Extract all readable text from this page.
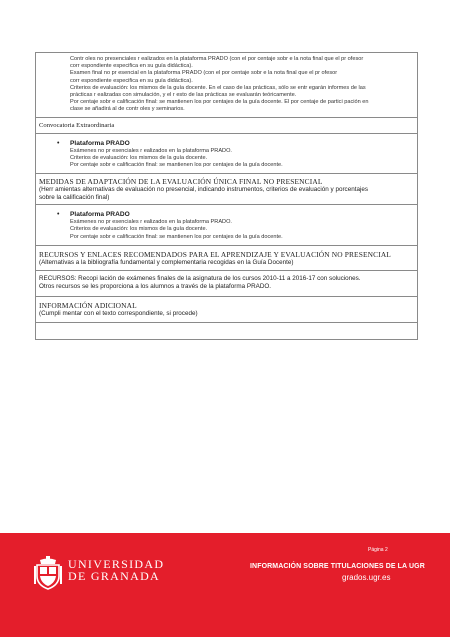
Contr oles no presenciales r ealizados en la plataforma PRADO (con el por centaje sobr e la nota final que el pr ofesor
corr espondiente especifica en su guía didáctica).
Examen final no pr esencial en la plataforma PRADO (con el por centaje sobr e la nota final que el pr ofesor
corr espondiente especifica en su guía didáctica).
Criterios de evaluación: los mismos de la guía docente. En el caso de las prácticas, sólo se entr egarán informes de las
prácticas r ealizadas con simulación, y el r esto de las prácticas se evaluarán teóricamente.
Por centaje sobr e calificación final: se mantienen los por centajes de la guía docente. El por centaje de partici pación en
clase se añadirá al de contr oles y seminarios.
Convocatoria Extraordinaria
•	Plataforma PRADO
Exámenes no pr esenciales r ealizados en la plataforma PRADO.
Criterios de evaluación: los mismos de la guía docente.
Por centaje sobr e calificación final: se mantienen los por centajes de la guía docente.
MEDIDAS DE ADAPTACIÓN DE LA EVALUACIÓN ÚNICA FINAL NO PRESENCIAL
(Herr amientas alternativas de evaluación no presencial, indicando instrumentos, criterios de evaluación y porcentajes
sobre la calificación final)
•	Plataforma PRADO
Exámenes no pr esenciales r ealizados en la plataforma PRADO.
Criterios de evaluación: los mismos de la guía docente.
Por centaje sobr e calificación final: se mantienen los por centajes de la guía docente.
RECURSOS Y ENLACES RECOMENDADOS PARA EL APRENDIZAJE Y EVALUACIÓN NO PRESENCIAL
(Alternativas a la bibliografía fundamental y complementaria recogidas en la Guía Docente)
RECURSOS: Recopi lación de exámenes finales de la asignatura de los cursos 2010-11 a 2016-17 con soluciones.
Otros recursos se les proporciona a los alumnos a través de la plataforma PRADO.
INFORMACIÓN ADICIONAL
(Cumpli mentar con el texto correspondiente, si procede)
UNIVERSIDAD
DE GRANADA
Página 2
INFORMACIÓN SOBRE TITULACIONES DE LA UGR
grados.ugr.es
